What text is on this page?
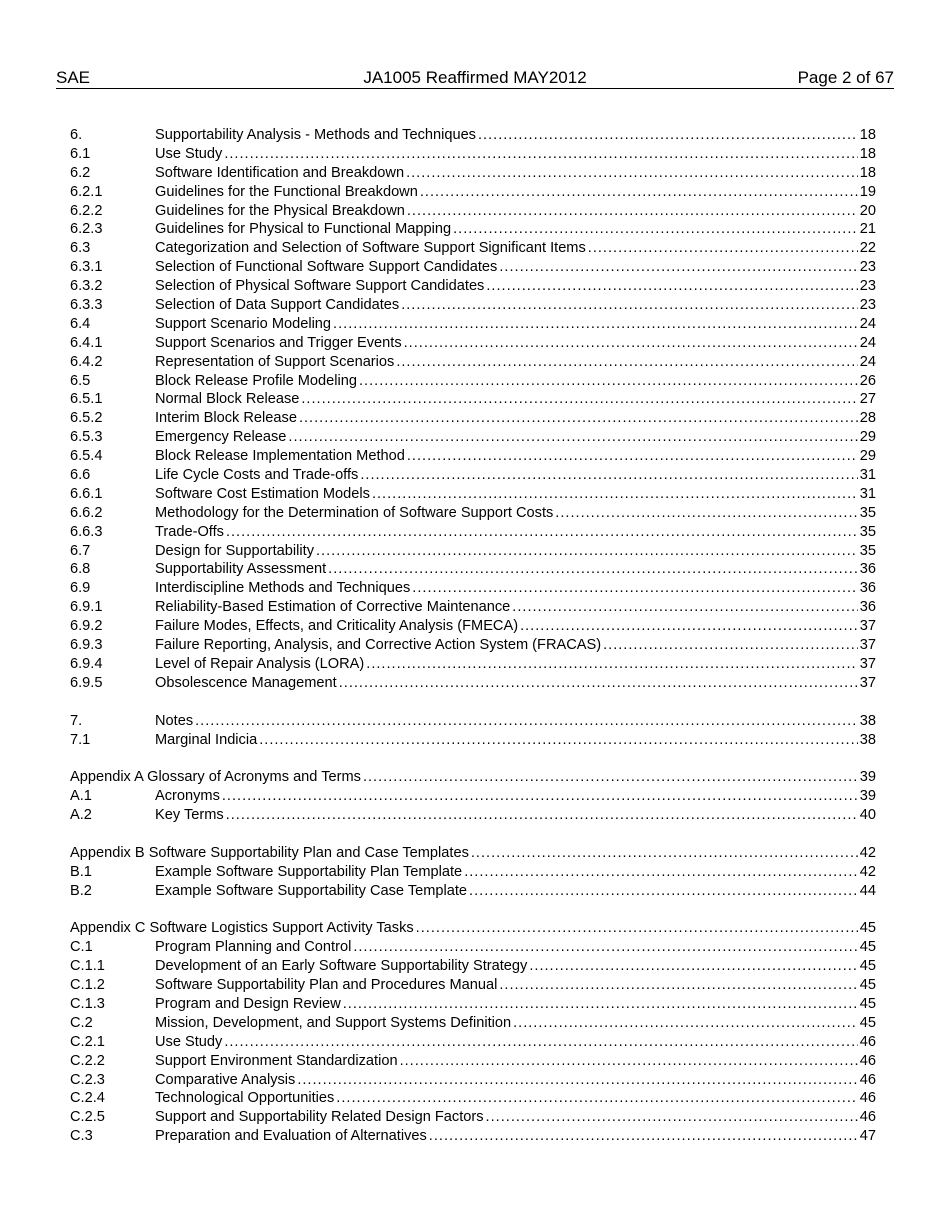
SAE	JA1005 Reaffirmed MAY2012	Page 2 of 67
6.	Supportability Analysis - Methods and Techniques .....	18
6.1	Use Study .....	18
6.2	Software Identification and Breakdown .....	18
6.2.1	Guidelines for the Functional Breakdown .....	19
6.2.2	Guidelines for the Physical Breakdown .....	20
6.2.3	Guidelines for Physical to Functional Mapping .....	21
6.3	Categorization and Selection of Software Support Significant Items .....	22
6.3.1	Selection of Functional Software Support Candidates .....	23
6.3.2	Selection of Physical Software Support Candidates .....	23
6.3.3	Selection of Data Support Candidates .....	23
6.4	Support Scenario Modeling .....	24
6.4.1	Support Scenarios and Trigger Events .....	24
6.4.2	Representation of Support Scenarios .....	24
6.5	Block Release Profile Modeling .....	26
6.5.1	Normal Block Release .....	27
6.5.2	Interim Block Release .....	28
6.5.3	Emergency Release .....	29
6.5.4	Block Release Implementation Method .....	29
6.6	Life Cycle Costs and Trade-offs .....	31
6.6.1	Software Cost Estimation Models .....	31
6.6.2	Methodology for the Determination of Software Support Costs .....	35
6.6.3	Trade-Offs .....	35
6.7	Design for Supportability .....	35
6.8	Supportability Assessment .....	36
6.9	Interdiscipline Methods and Techniques .....	36
6.9.1	Reliability-Based Estimation of Corrective Maintenance .....	36
6.9.2	Failure Modes, Effects, and Criticality Analysis (FMECA) .....	37
6.9.3	Failure Reporting, Analysis, and Corrective Action System (FRACAS) .....	37
6.9.4	Level of Repair Analysis (LORA) .....	37
6.9.5	Obsolescence Management .....	37
7.	Notes .....	38
7.1	Marginal Indicia .....	38
Appendix A Glossary of Acronyms and Terms .....	39
A.1	Acronyms .....	39
A.2	Key Terms .....	40
Appendix B Software Supportability Plan and Case Templates .....	42
B.1	Example Software Supportability Plan Template .....	42
B.2	Example Software Supportability Case Template .....	44
Appendix C Software Logistics Support Activity Tasks .....	45
C.1	Program Planning and Control .....	45
C.1.1	Development of an Early Software Supportability Strategy .....	45
C.1.2	Software Supportability Plan and Procedures Manual .....	45
C.1.3	Program and Design Review .....	45
C.2	Mission, Development, and Support Systems Definition .....	45
C.2.1	Use Study .....	46
C.2.2	Support Environment Standardization .....	46
C.2.3	Comparative Analysis .....	46
C.2.4	Technological Opportunities .....	46
C.2.5	Support and Supportability Related Design Factors .....	46
C.3	Preparation and Evaluation of Alternatives .....	47
